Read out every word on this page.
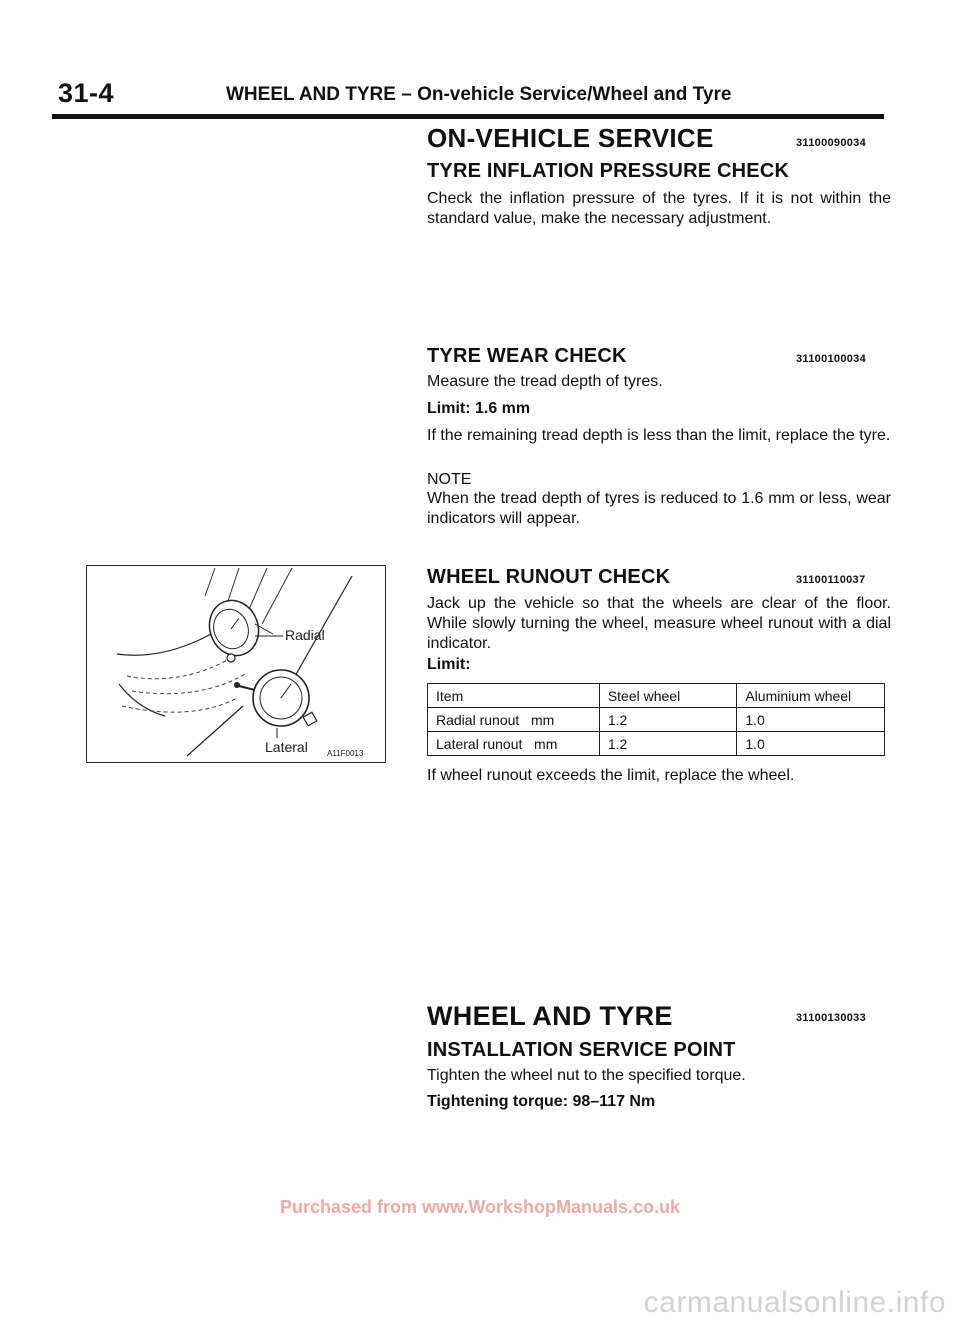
31-4	WHEEL AND TYRE – On-vehicle Service/Wheel and Tyre
ON-VEHICLE SERVICE	31100090034
TYRE INFLATION PRESSURE CHECK
Check the inflation pressure of the tyres. If it is not within the standard value, make the necessary adjustment.
TYRE WEAR CHECK	31100100034
Measure the tread depth of tyres.
Limit: 1.6 mm
If the remaining tread depth is less than the limit, replace the tyre.
NOTE
When the tread depth of tyres is reduced to 1.6 mm or less, wear indicators will appear.
WHEEL RUNOUT CHECK	31100110037
Jack up the vehicle so that the wheels are clear of the floor. While slowly turning the wheel, measure wheel runout with a dial indicator.
Limit:
Item	Steel wheel	Aluminium wheel
Radial runout   mm	1.2	1.0
Lateral runout   mm	1.2	1.0
If wheel runout exceeds the limit, replace the wheel.
Radial
Lateral A11F0013
WHEEL AND TYRE	31100130033
INSTALLATION SERVICE POINT
Tighten the wheel nut to the specified torque.
Tightening torque: 98–117 Nm
Purchased from www.WorkshopManuals.co.uk
carmanualsonline.info
